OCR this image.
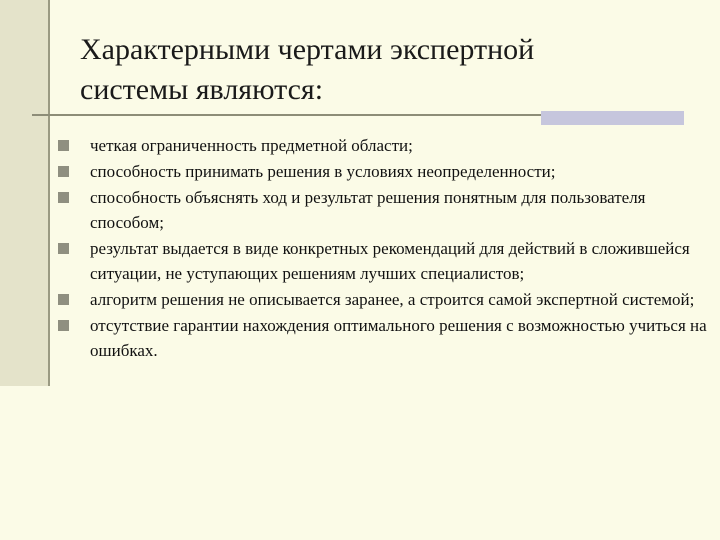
Характерными чертами экспертной
системы являются:
четкая ограниченность предметной области;
способность принимать решения в условиях неопределенности;
способность объяснять ход и результат решения понятным для пользователя способом;
результат выдается в виде конкретных рекомендаций для действий в сложившейся ситуации, не уступающих решениям лучших специалистов;
алгоритм решения не описывается заранее, а строится самой экспертной системой;
отсутствие гарантии нахождения оптимального решения с возможностью учиться на ошибках.
